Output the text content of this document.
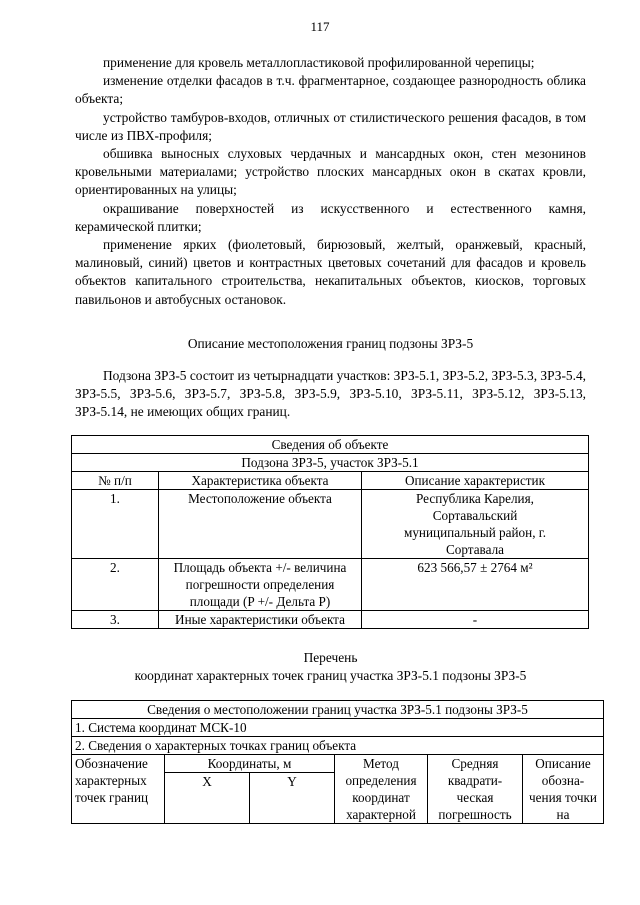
117

применение для кровель металлопластиковой профилированной черепицы;

изменение отделки фасадов в т.ч. фрагментарное, создающее разнородность облика объекта;

устройство тамбуров-входов, отличных от стилистического решения фасадов, в том числе из ПВХ-профиля;

обшивка выносных слуховых чердачных и мансардных окон, стен мезонинов кровельными материалами; устройство плоских мансардных окон в скатах кровли, ориентированных на улицы;

окрашивание поверхностей из искусственного и естественного камня, керамической плитки;

применение ярких (фиолетовый, бирюзовый, желтый, оранжевый, красный, малиновый, синий) цветов и контрастных цветовых сочетаний для фасадов и кровель объектов капитального строительства, некапитальных объектов, киосков, торговых павильонов и автобусных остановок.

Описание местоположения границ подзоны ЗРЗ-5

Подзона ЗРЗ-5 состоит из четырнадцати участков: ЗРЗ-5.1, ЗРЗ-5.2, ЗРЗ-5.3, ЗРЗ-5.4, ЗРЗ-5.5, ЗРЗ-5.6, ЗРЗ-5.7, ЗРЗ-5.8, ЗРЗ-5.9, ЗРЗ-5.10, ЗРЗ-5.11, ЗРЗ-5.12, ЗРЗ-5.13, ЗРЗ-5.14, не имеющих общих границ.

Сведения об объекте		
Подзона ЗРЗ-5, участок ЗРЗ-5.1		
№ п/п	Характеристика объекта	Описание характеристик
1.	Местоположение объекта	Республика Карелия, Сортавальский муниципальный район, г. Сортавала
2.	Площадь объекта +/- величина погрешности определения площади (P +/- Дельта P)	623 566,57 ± 2764 м²
3.	Иные характеристики объекта	-

Перечень

координат характерных точек границ участка ЗРЗ-5.1 подзоны ЗРЗ-5

Сведения о местоположении границ участка ЗРЗ-5.1 подзоны ЗРЗ-5					
1. Система координат МСК-10					
2. Сведения о характерных точках границ объекта					
Обозначение характерных точек границ	Координаты, м		Метод определения координат характерной	Средняя квадрати-ческая погрешность	Описание обозна-чения точки на
	X	Y			
